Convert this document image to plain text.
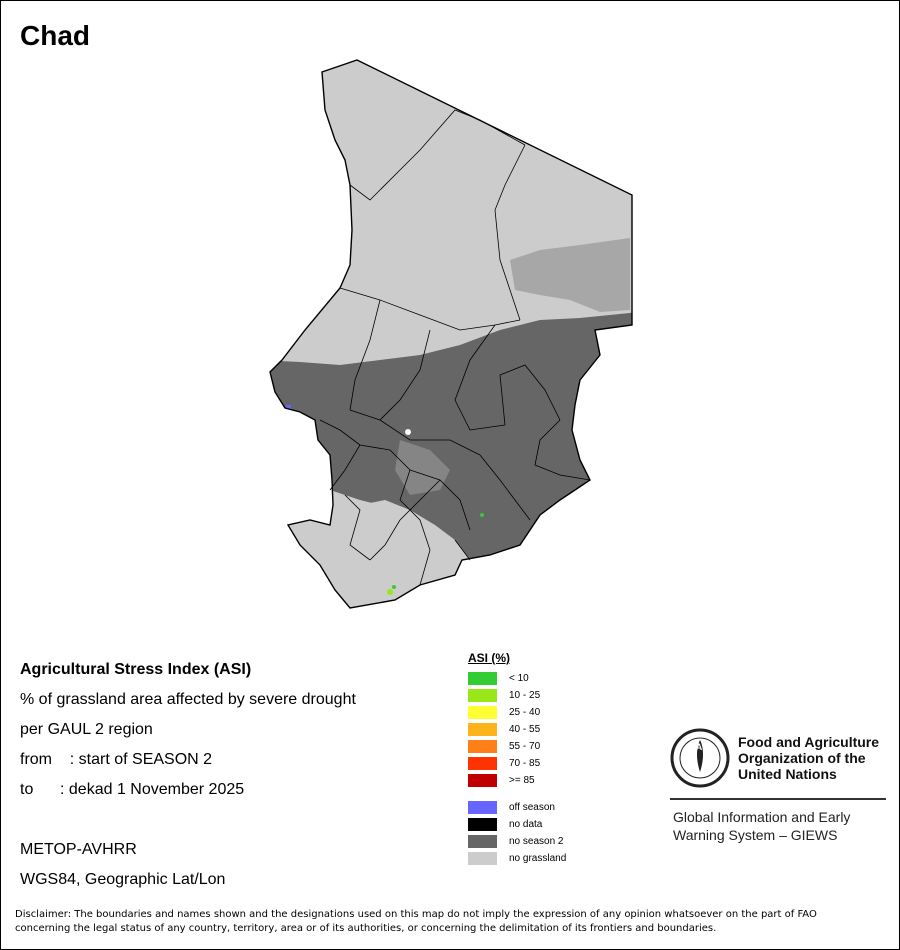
Chad
Agricultural Stress Index (ASI)
% of grassland area affected by severe drought
per GAUL 2 region
from : start of SEASON 2
to : dekad 1 November 2025
METOP-AVHRR
WGS84, Geographic Lat/Lon
ASI (%)
< 10
10 - 25
25 - 40
40 - 55
55 - 70
70 - 85
>= 85
off season
no data
no season 2
no grassland
FAO Food and Agriculture
Organization of the
United Nations
Global Information and Early
Warning System – GIEWS
Disclaimer: The boundaries and names shown and the designations used on this map do not imply the expression of any opinion whatsoever on the part of FAO
concerning the legal status of any country, territory, area or of its authorities, or concerning the delimitation of its frontiers and boundaries.
